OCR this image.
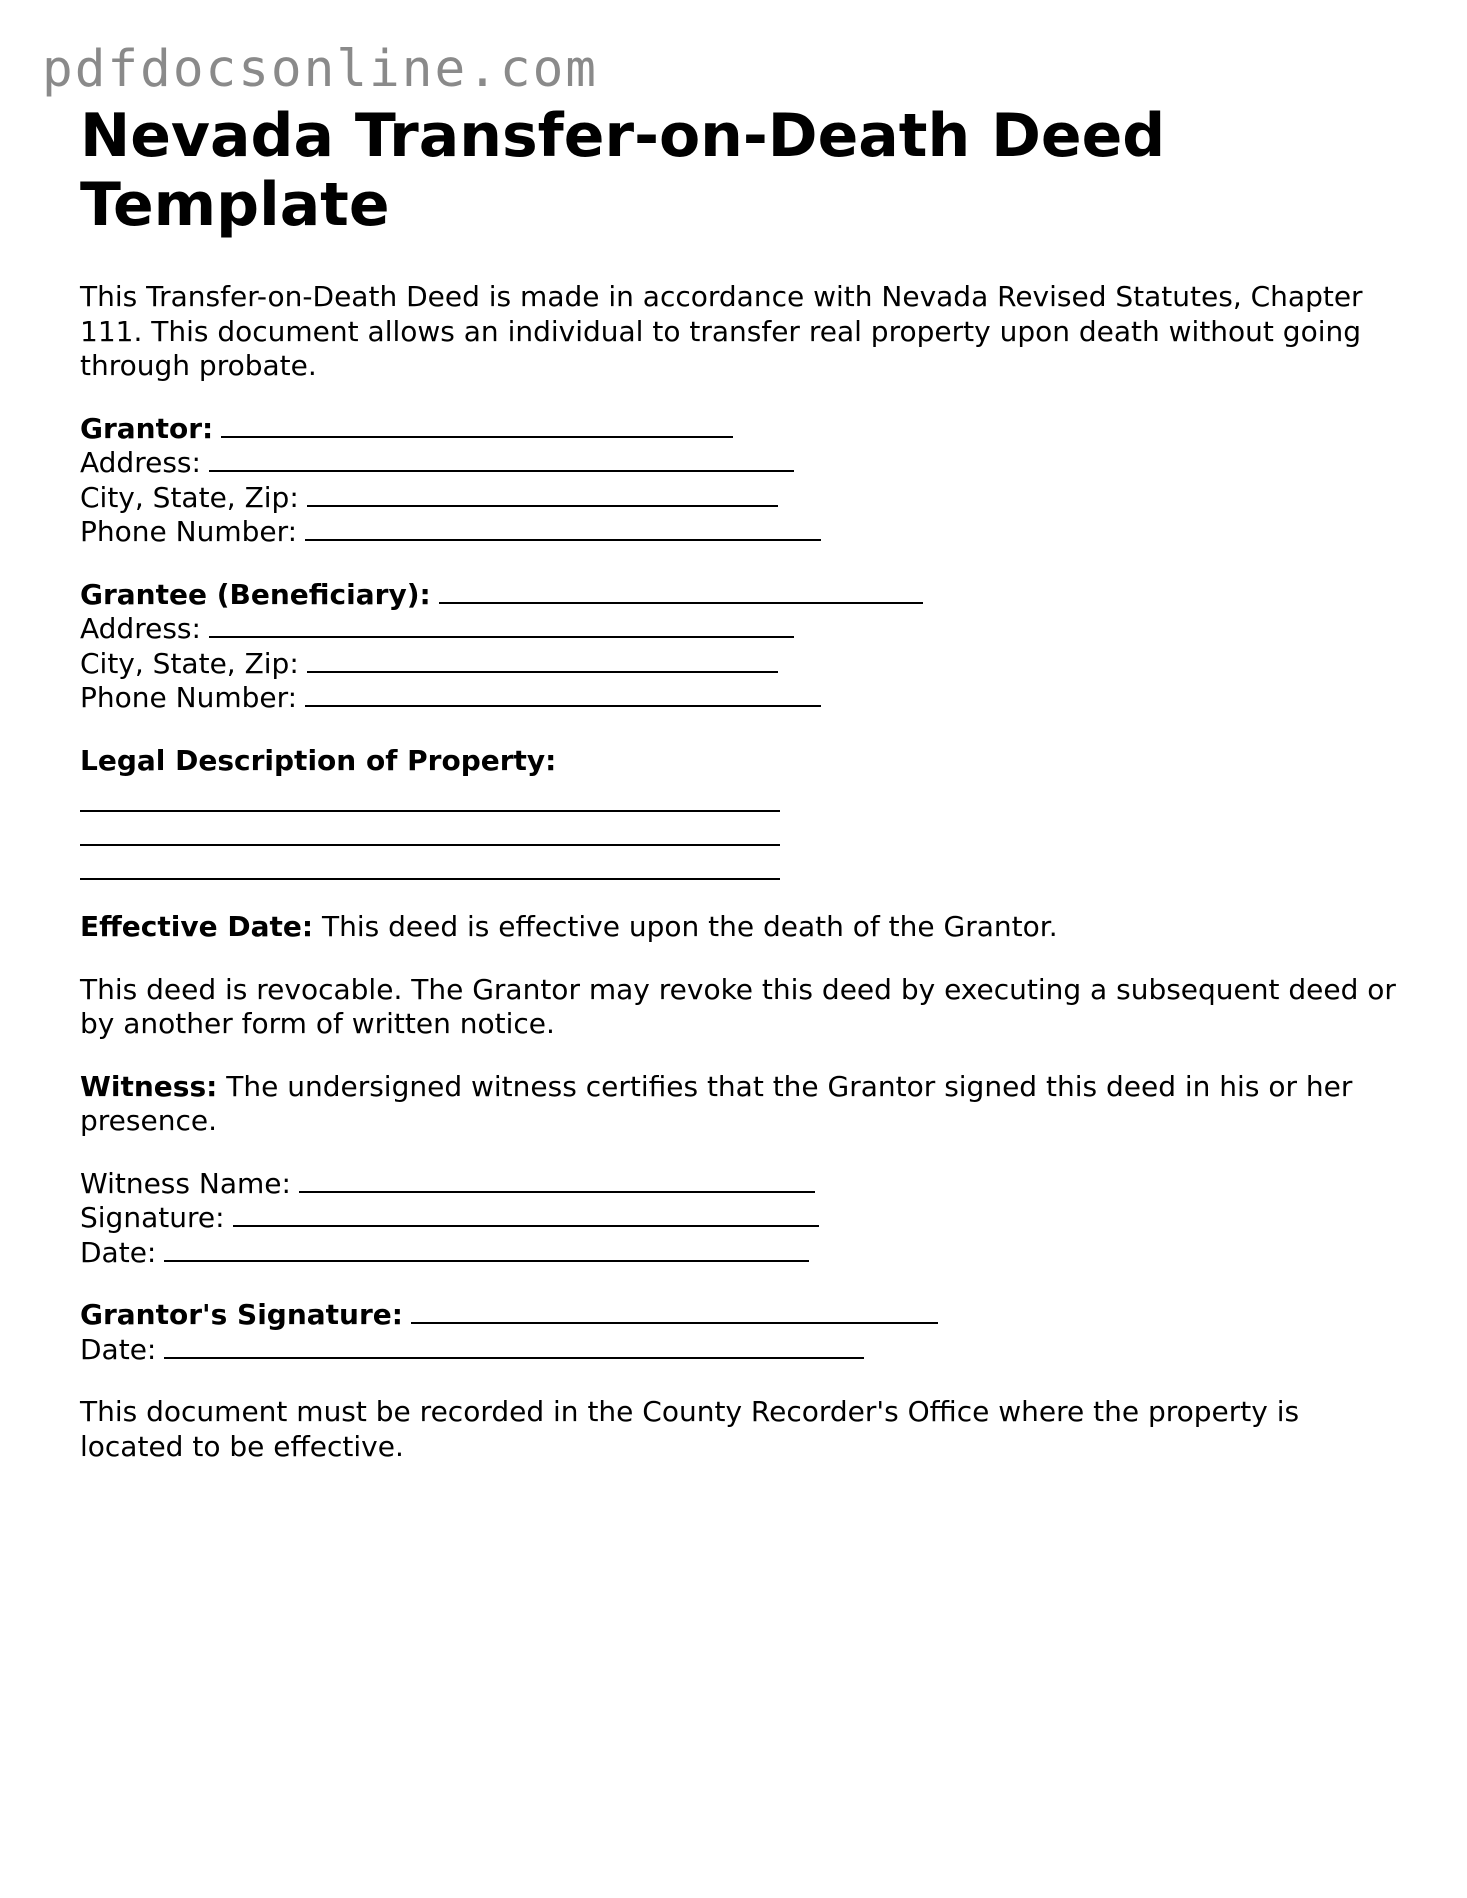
pdfdocsonline.com
Nevada Transfer-on-Death Deed Template

This Transfer-on-Death Deed is made in accordance with Nevada Revised Statutes, Chapter 111. This document allows an individual to transfer real property upon death without going through probate.

Grantor:
Address:
City, State, Zip:
Phone Number:
Grantee (Beneficiary):
Address:
City, State, Zip:
Phone Number:
Legal Description of Property:

Effective Date: This deed is effective upon the death of the Grantor.

This deed is revocable. The Grantor may revoke this deed by executing a subsequent deed or by another form of written notice.

Witness: The undersigned witness certifies that the Grantor signed this deed in his or her presence.

Witness Name:
Signature:
Date:
Grantor's Signature:
Date:

This document must be recorded in the County Recorder's Office where the property is located to be effective.
